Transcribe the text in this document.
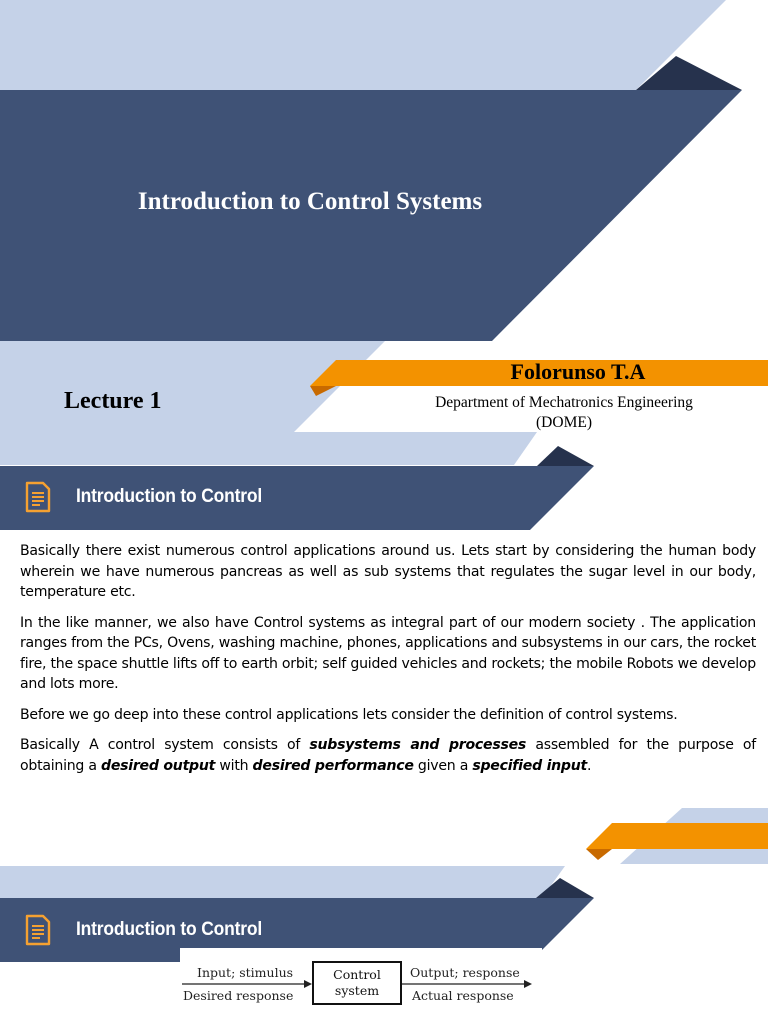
Introduction to Control Systems
Lecture 1
Folorunso T.A
Department of Mechatronics Engineering
(DOME)
Introduction to Control

Basically there exist numerous control applications around us. Lets start by considering the human body wherein we have numerous pancreas as well as sub systems that regulates the sugar level in our body, temperature etc.

In the like manner, we also have Control systems as integral part of our modern society . The application ranges from the PCs, Ovens, washing machine, phones, applications and subsystems in our cars, the rocket fire, the space shuttle lifts off to earth orbit; self guided vehicles and rockets; the mobile Robots we develop and lots more.

Before we go deep into these control applications lets consider the definition of control systems.

Basically A control system consists of subsystems and processes assembled for the purpose of obtaining a desired output with desired performance given a specified input.

Introduction to Control
Input; stimulus
Desired response
Control
system
Output; response
Actual response
